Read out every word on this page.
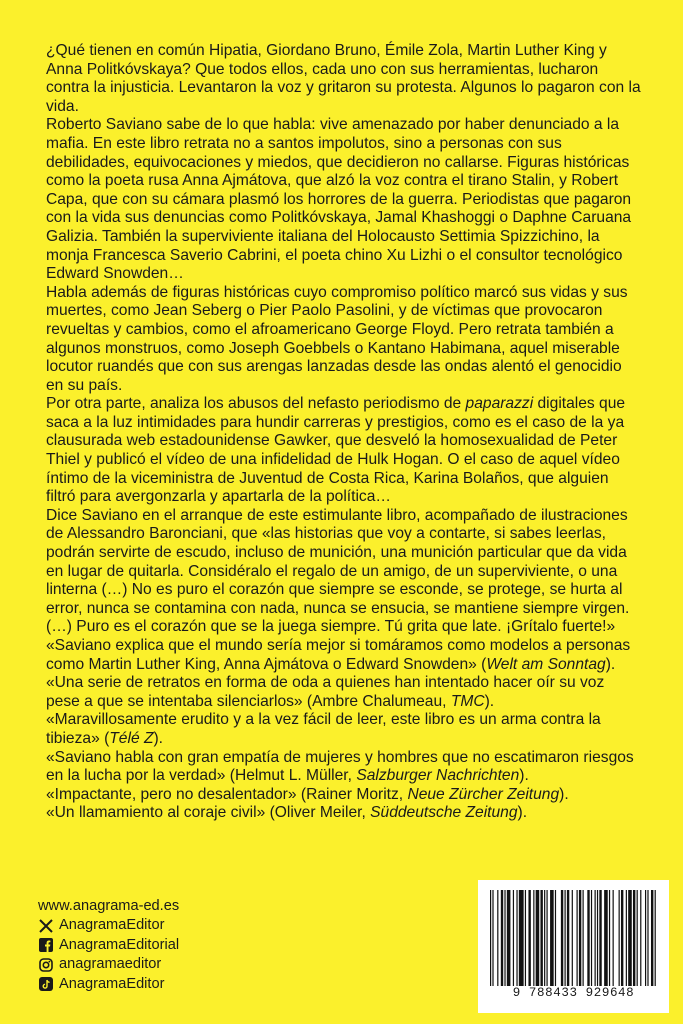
¿Qué tienen en común Hipatia, Giordano Bruno, Émile Zola, Martin Luther King y Anna Politkóvskaya? Que todos ellos, cada uno con sus herramientas, lucharon contra la injusticia. Levantaron la voz y gritaron su protesta. Algunos lo pagaron con la vida.

Roberto Saviano sabe de lo que habla: vive amenazado por haber denunciado a la mafia. En este libro retrata no a santos impolutos, sino a personas con sus debilidades, equivocaciones y miedos, que decidieron no callarse. Figuras históricas como la poeta rusa Anna Ajmátova, que alzó la voz contra el tirano Stalin, y Robert Capa, que con su cámara plasmó los horrores de la guerra. Periodistas que pagaron con la vida sus denuncias como Politkóvskaya, Jamal Khashoggi o Daphne Caruana Galizia. También la superviviente italiana del Holocausto Settimia Spizzichino, la monja Francesca Saverio Cabrini, el poeta chino Xu Lizhi o el consultor tecnológico Edward Snowden…

Habla además de figuras históricas cuyo compromiso político marcó sus vidas y sus muertes, como Jean Seberg o Pier Paolo Pasolini, y de víctimas que provocaron revueltas y cambios, como el afroamericano George Floyd. Pero retrata también a algunos monstruos, como Joseph Goebbels o Kantano Habimana, aquel miserable locutor ruandés que con sus arengas lanzadas desde las ondas alentó el genocidio en su país.

Por otra parte, analiza los abusos del nefasto periodismo de paparazzi digitales que saca a la luz intimidades para hundir carreras y prestigios, como es el caso de la ya clausurada web estadounidense Gawker, que desveló la homosexualidad de Peter Thiel y publicó el vídeo de una infidelidad de Hulk Hogan. O el caso de aquel vídeo íntimo de la viceministra de Juventud de Costa Rica, Karina Bolaños, que alguien filtró para avergonzarla y apartarla de la política…

Dice Saviano en el arranque de este estimulante libro, acompañado de ilustraciones de Alessandro Baronciani, que «las historias que voy a contarte, si sabes leerlas, podrán servirte de escudo, incluso de munición, una munición particular que da vida en lugar de quitarla. Considéralo el regalo de un amigo, de un superviviente, o una linterna (…) No es puro el corazón que siempre se esconde, se protege, se hurta al error, nunca se contamina con nada, nunca se ensucia, se mantiene siempre virgen. (…) Puro es el corazón que se la juega siempre. Tú grita que late. ¡Grítalo fuerte!»

«Saviano explica que el mundo sería mejor si tomáramos como modelos a personas como Martin Luther King, Anna Ajmátova o Edward Snowden» (Welt am Sonntag).

«Una serie de retratos en forma de oda a quienes han intentado hacer oír su voz pese a que se intentaba silenciarlos» (Ambre Chalumeau, TMC).

«Maravillosamente erudito y a la vez fácil de leer, este libro es un arma contra la tibieza» (Télé Z).

«Saviano habla con gran empatía de mujeres y hombres que no escatimaron riesgos en la lucha por la verdad» (Helmut L. Müller, Salzburger Nachrichten).

«Impactante, pero no desalentador» (Rainer Moritz, Neue Zürcher Zeitung).

«Un llamamiento al coraje civil» (Oliver Meiler, Süddeutsche Zeitung).

www.anagrama-ed.es
AnagramaEditor
AnagramaEditorial
anagramaeditor
AnagramaEditor
9 788433 929648
